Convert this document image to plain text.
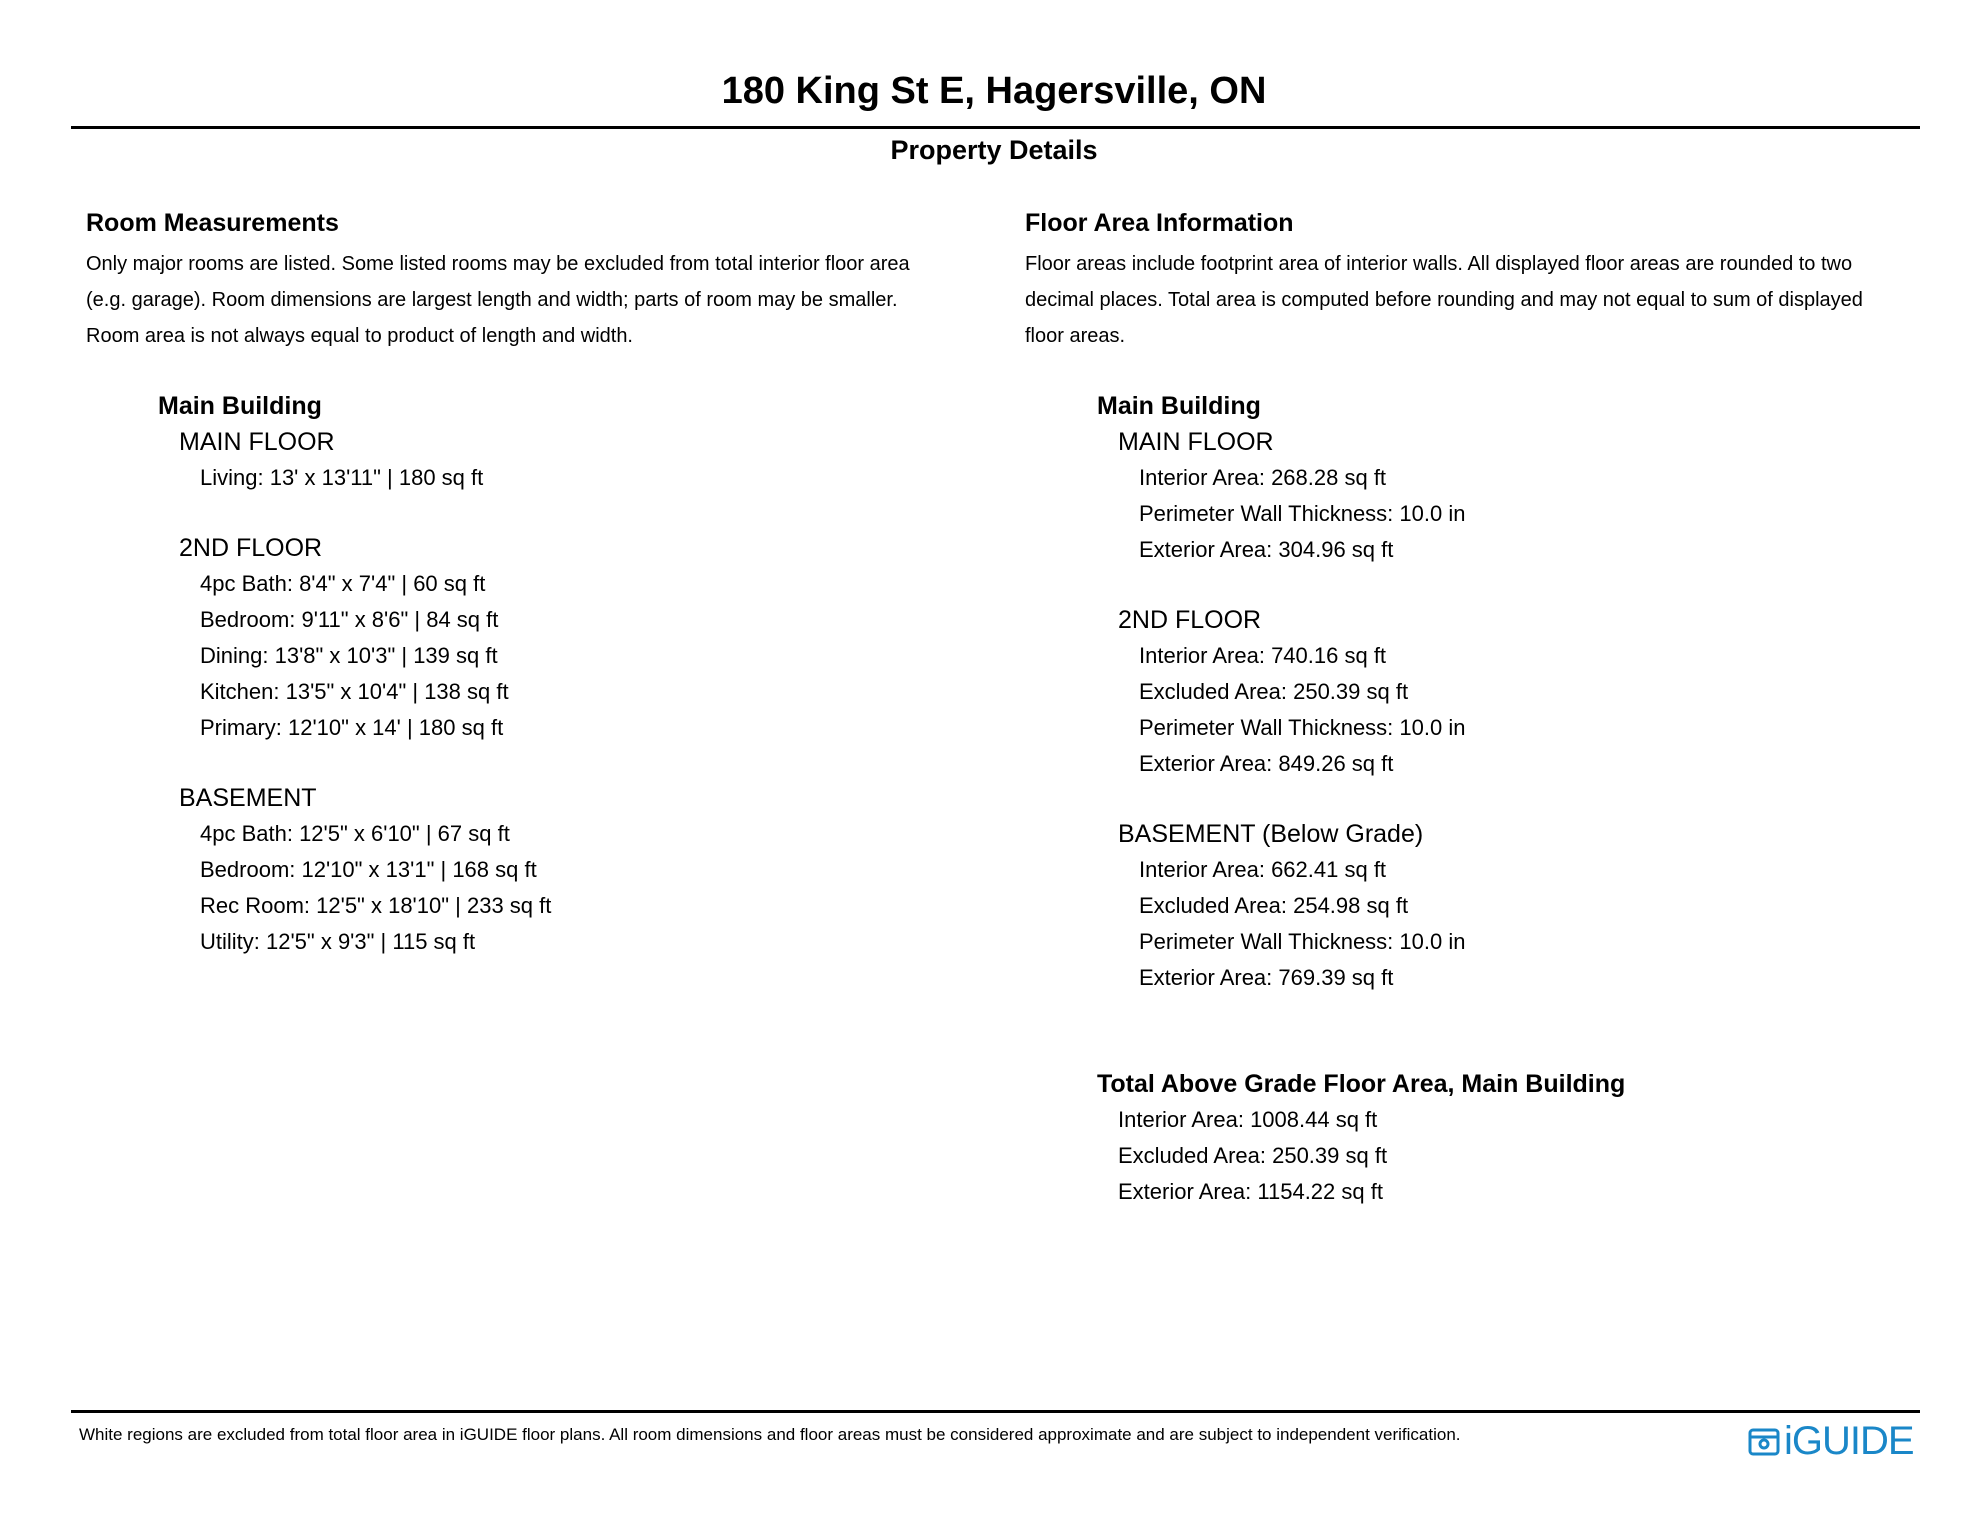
180 King St E, Hagersville, ON
Property Details
Room Measurements

Only major rooms are listed. Some listed rooms may be excluded from total interior floor area
(e.g. garage). Room dimensions are largest length and width; parts of room may be smaller.
Room area is not always equal to product of length and width.

Main Building
MAIN FLOOR
Living: 13' x 13'11" | 180 sq ft
2ND FLOOR
4pc Bath: 8'4" x 7'4" | 60 sq ft
Bedroom: 9'11" x 8'6" | 84 sq ft
Dining: 13'8" x 10'3" | 139 sq ft
Kitchen: 13'5" x 10'4" | 138 sq ft
Primary: 12'10" x 14' | 180 sq ft
BASEMENT
4pc Bath: 12'5" x 6'10" | 67 sq ft
Bedroom: 12'10" x 13'1" | 168 sq ft
Rec Room: 12'5" x 18'10" | 233 sq ft
Utility: 12'5" x 9'3" | 115 sq ft
Floor Area Information

Floor areas include footprint area of interior walls. All displayed floor areas are rounded to two
decimal places. Total area is computed before rounding and may not equal to sum of displayed
floor areas.

Main Building
MAIN FLOOR
Interior Area: 268.28 sq ft
Perimeter Wall Thickness: 10.0 in
Exterior Area: 304.96 sq ft
2ND FLOOR
Interior Area: 740.16 sq ft
Excluded Area: 250.39 sq ft
Perimeter Wall Thickness: 10.0 in
Exterior Area: 849.26 sq ft
BASEMENT (Below Grade)
Interior Area: 662.41 sq ft
Excluded Area: 254.98 sq ft
Perimeter Wall Thickness: 10.0 in
Exterior Area: 769.39 sq ft
Total Above Grade Floor Area, Main Building
Interior Area: 1008.44 sq ft
Excluded Area: 250.39 sq ft
Exterior Area: 1154.22 sq ft
White regions are excluded from total floor area in iGUIDE floor plans. All room dimensions and floor areas must be considered approximate and are subject to independent verification.	iGUIDE
